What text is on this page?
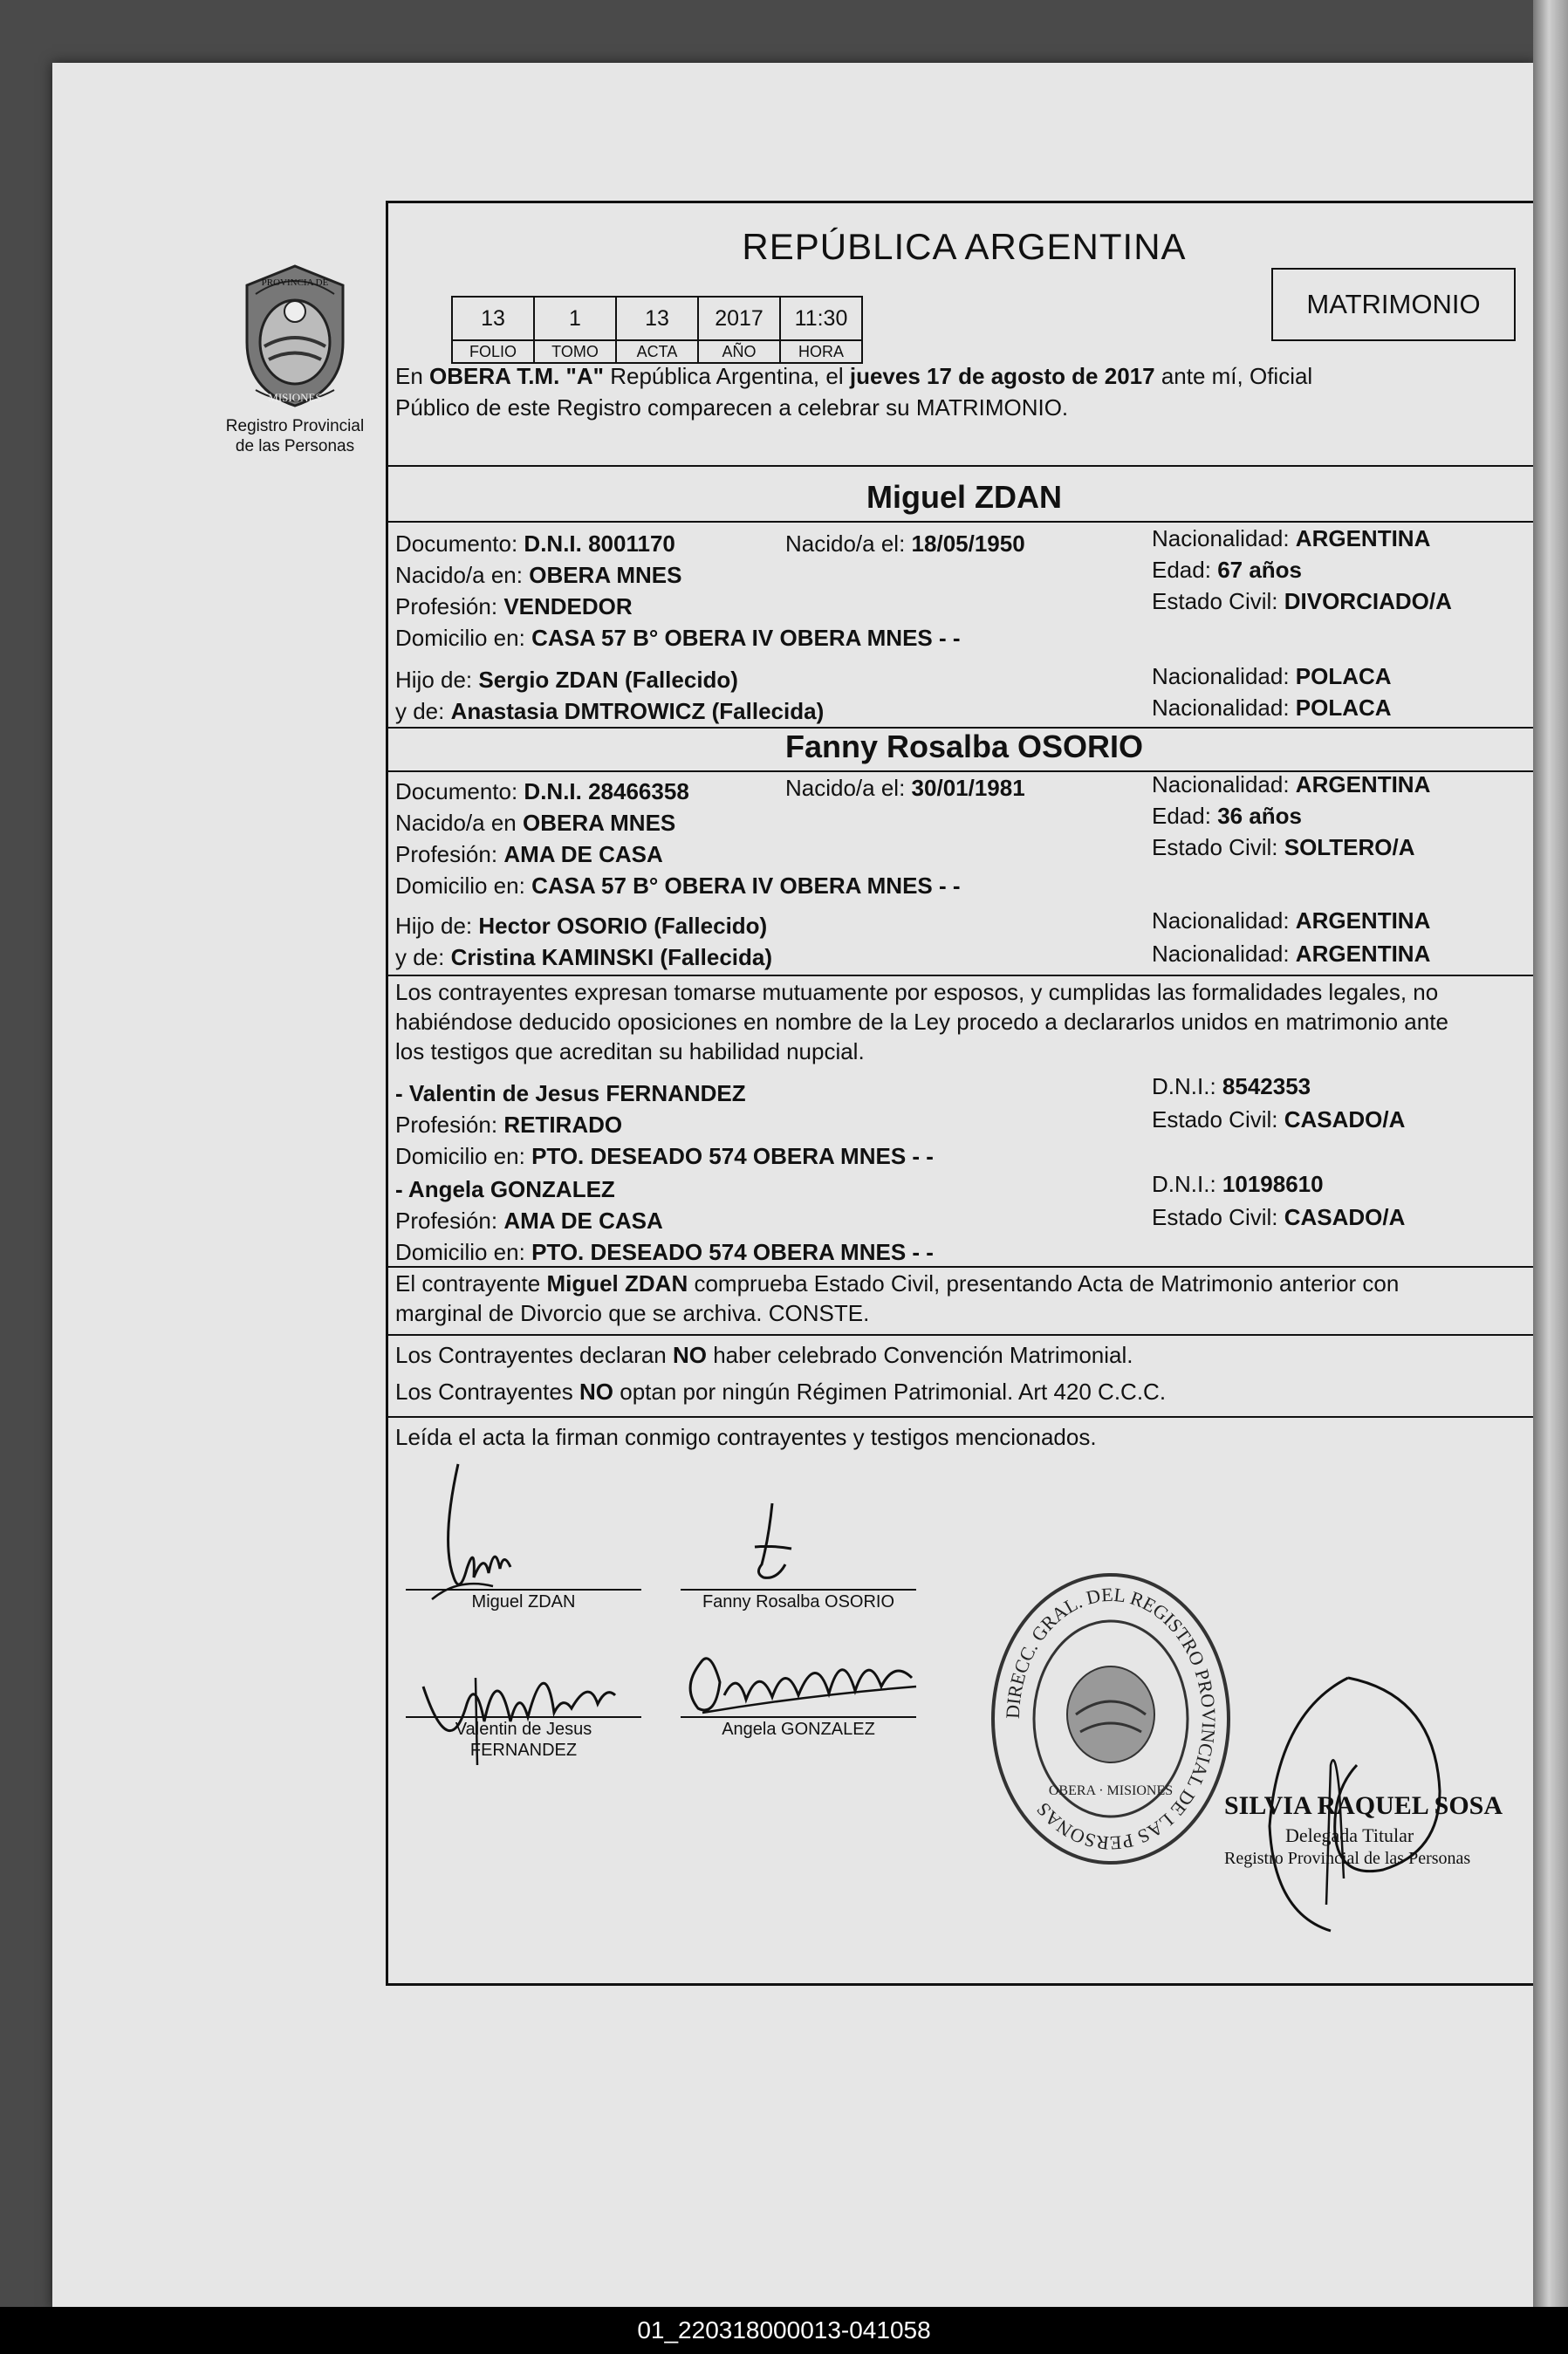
PROVINCIA DE
MISIONES
Registro Provincial
de las Personas
REPÚBLICA ARGENTINA
MATRIMONIO
13	1	13	2017	11:30
FOLIO	TOMO	ACTA	AÑO	HORA
En OBERA T.M. "A" República Argentina, el jueves 17 de agosto de 2017 ante mí, Oficial
Público de este Registro comparecen a celebrar su MATRIMONIO.
Miguel ZDAN
Documento: D.N.I. 8001170	Nacido/a el: 18/05/1950	Nacionalidad: ARGENTINA
Nacido/a en: OBERA MNES	Edad: 67 años
Profesión: VENDEDOR	Estado Civil: DIVORCIADO/A
Domicilio en: CASA 57 B° OBERA IV OBERA MNES - -
Hijo de: Sergio ZDAN (Fallecido)	Nacionalidad: POLACA
y de: Anastasia DMTROWICZ (Fallecida)	Nacionalidad: POLACA
Fanny Rosalba OSORIO
Documento: D.N.I. 28466358	Nacido/a el: 30/01/1981	Nacionalidad: ARGENTINA
Nacido/a en OBERA MNES	Edad: 36 años
Profesión: AMA DE CASA	Estado Civil: SOLTERO/A
Domicilio en: CASA 57 B° OBERA IV OBERA MNES - -
Hijo de: Hector OSORIO (Fallecido)	Nacionalidad: ARGENTINA
y de: Cristina KAMINSKI (Fallecida)	Nacionalidad: ARGENTINA
Los contrayentes expresan tomarse mutuamente por esposos, y cumplidas las formalidades legales, no
habiéndose deducido oposiciones en nombre de la Ley procedo a declararlos unidos en matrimonio ante
los testigos que acreditan su habilidad nupcial.
- Valentin de Jesus FERNANDEZ	D.N.I.: 8542353
Profesión: RETIRADO	Estado Civil: CASADO/A
Domicilio en: PTO. DESEADO 574 OBERA MNES - -
- Angela GONZALEZ	D.N.I.: 10198610
Profesión: AMA DE CASA	Estado Civil: CASADO/A
Domicilio en: PTO. DESEADO 574 OBERA MNES - -
El contrayente Miguel ZDAN comprueba Estado Civil, presentando Acta de Matrimonio anterior con
marginal de Divorcio que se archiva. CONSTE.
Los Contrayentes declaran NO haber celebrado Convención Matrimonial.
Los Contrayentes NO optan por ningún Régimen Patrimonial. Art 420 C.C.C.
Leída el acta la firman conmigo contrayentes y testigos mencionados.
Miguel ZDAN	Fanny Rosalba OSORIO
Valentin de Jesus
FERNANDEZ
Angela GONZALEZ
DIRECC. GRAL. DEL REGISTRO PROVINCIAL DE LAS PERSONAS
OBERA · MISIONES
SILVIA RAQUEL SOSA
Delegada Titular
Registro Provincial de las Personas
01_220318000013-041058
